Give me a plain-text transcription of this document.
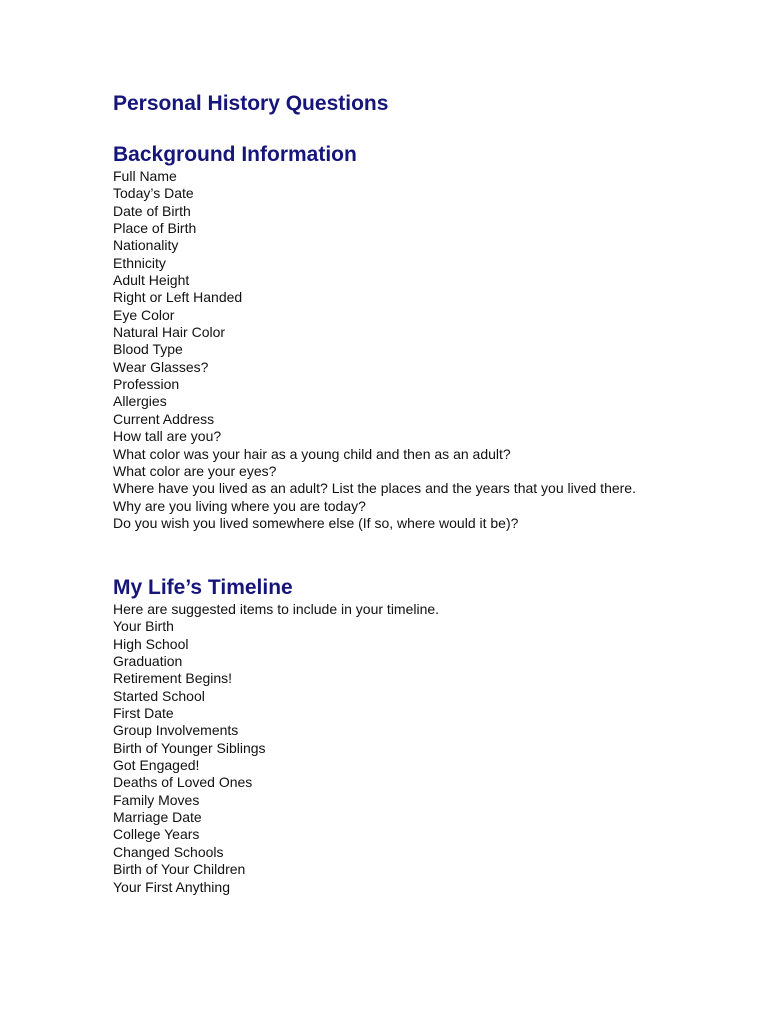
Personal History Questions
Background Information
Full Name
Today’s Date
Date of Birth
Place of Birth
Nationality
Ethnicity
Adult Height
Right or Left Handed
Eye Color
Natural Hair Color
Blood Type
Wear Glasses?
Profession
Allergies
Current Address
How tall are you?
What color was your hair as a young child and then as an adult?
What color are your eyes?
Where have you lived as an adult? List the places and the years that you lived there.
Why are you living where you are today?
Do you wish you lived somewhere else (If so, where would it be)?
My Life’s Timeline
Here are suggested items to include in your timeline.
Your Birth
High School
Graduation
Retirement Begins!
Started School
First Date
Group Involvements
Birth of Younger Siblings
Got Engaged!
Deaths of Loved Ones
Family Moves
Marriage Date
College Years
Changed Schools
Birth of Your Children
Your First Anything
